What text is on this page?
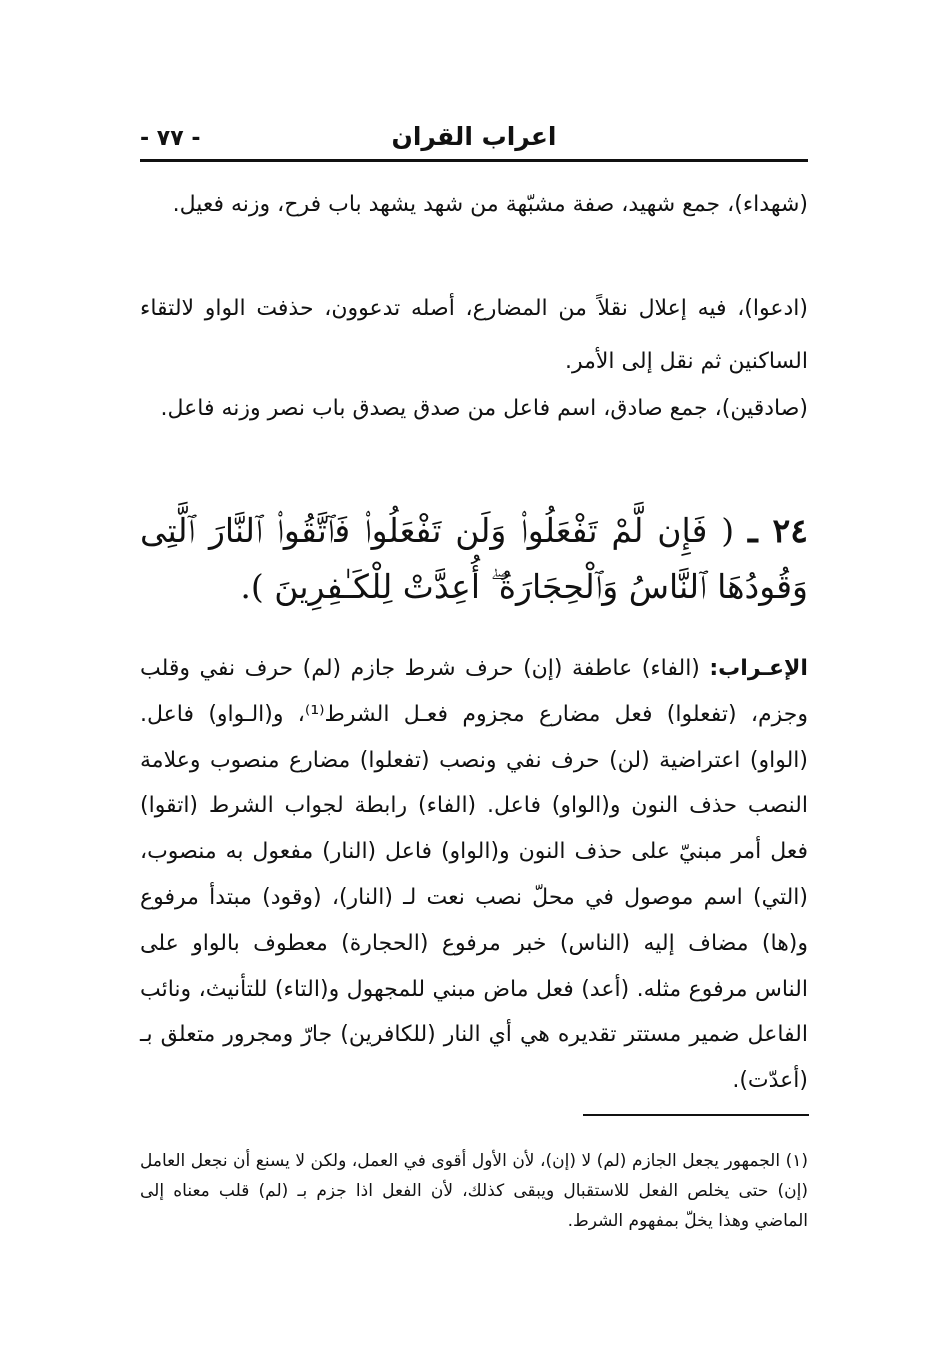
- ٧٧ -	اعراب القران

(شهداء)، جمع شهيد، صفة مشبّهة من شهد يشهد باب فرح، وزنه فعيل.

(ادعوا)، فيه إعلال نقلاً من المضارع، أصله تدعوون، حذفت الواو لالتقاء الساكنين ثم نقل إلى الأمر.

(صادقين)، جمع صادق، اسم فاعل من صدق يصدق باب نصر وزنه فاعل.

٢٤ ـ ( فَإِن لَّمْ تَفْعَلُوا۟ وَلَن تَفْعَلُوا۟ فَٱتَّقُوا۟ ٱلنَّارَ ٱلَّتِى وَقُودُهَا ٱلنَّاسُ وَٱلْحِجَارَةُ ۖ أُعِدَّتْ لِلْكَـٰفِرِينَ ).

الإعـراب: (الفاء) عاطفة (إن) حرف شرط جازم (لم) حرف نفي وقلب وجزم، (تفعلوا) فعل مضارع مجزوم فعـل الشرط⁽¹⁾، و(الـواو) فاعل. (الواو) اعتراضية (لن) حرف نفي ونصب (تفعلوا) مضارع منصوب وعلامة النصب حذف النون و(الواو) فاعل. (الفاء) رابطة لجواب الشرط (اتقوا) فعل أمر مبنيّ على حذف النون و(الواو) فاعل (النار) مفعول به منصوب، (التي) اسم موصول في محلّ نصب نعت لـ (النار)، (وقود) مبتدأ مرفوع و(ها) مضاف إليه (الناس) خبر مرفوع (الحجارة) معطوف بالواو على الناس مرفوع مثله. (أعد) فعل ماض مبني للمجهول و(التاء) للتأنيث، ونائب الفاعل ضمير مستتر تقديره هي أي النار (للكافرين) جارّ ومجرور متعلق بـ (أعدّت).

(١) الجمهور يجعل الجازم (لم) لا (إن)، لأن الأول أقوى في العمل، ولكن لا يسنع أن نجعل العامل (إن) حتى يخلص الفعل للاستقبال ويبقى كذلك، لأن الفعل اذا جزم بـ (لم) قلب معناه إلى الماضي وهذا يخلّ بمفهوم الشرط.
